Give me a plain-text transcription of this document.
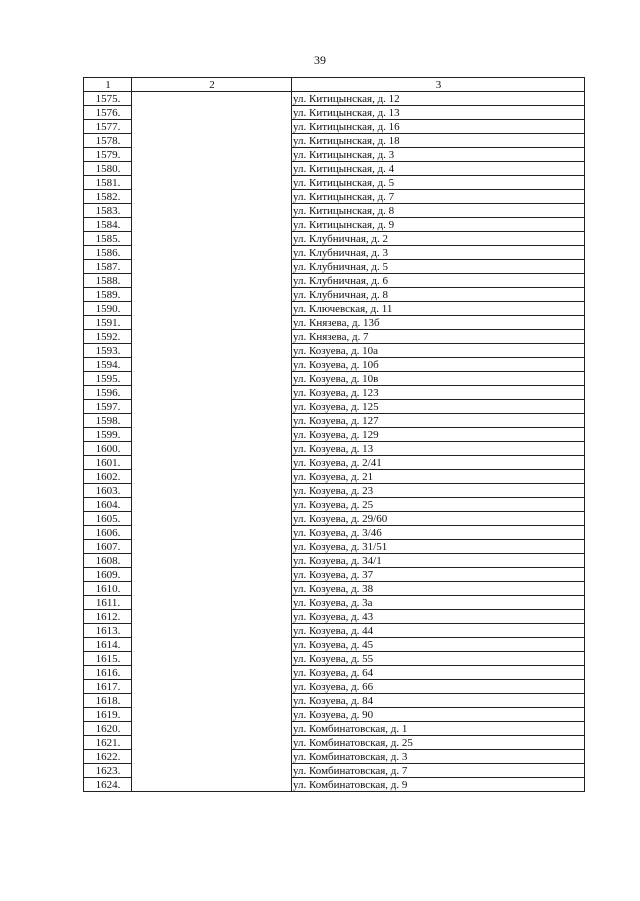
39
1	2	3
1575.		ул. Китицынская, д. 12
1576.		ул. Китицынская, д. 13
1577.		ул. Китицынская, д. 16
1578.		ул. Китицынская, д. 18
1579.		ул. Китицынская, д. 3
1580.		ул. Китицынская, д. 4
1581.		ул. Китицынская, д. 5
1582.		ул. Китицынская, д. 7
1583.		ул. Китицынская, д. 8
1584.		ул. Китицынская, д. 9
1585.		ул. Клубничная, д. 2
1586.		ул. Клубничная, д. 3
1587.		ул. Клубничная, д. 5
1588.		ул. Клубничная, д. 6
1589.		ул. Клубничная, д. 8
1590.		ул. Ключевская, д. 11
1591.		ул. Князева, д. 13б
1592.		ул. Князева, д. 7
1593.		ул. Козуева, д. 10а
1594.		ул. Козуева, д. 10б
1595.		ул. Козуева, д. 10в
1596.		ул. Козуева, д. 123
1597.		ул. Козуева, д. 125
1598.		ул. Козуева, д. 127
1599.		ул. Козуева, д. 129
1600.		ул. Козуева, д. 13
1601.		ул. Козуева, д. 2/41
1602.		ул. Козуева, д. 21
1603.		ул. Козуева, д. 23
1604.		ул. Козуева, д. 25
1605.		ул. Козуева, д. 29/60
1606.		ул. Козуева, д. 3/46
1607.		ул. Козуева, д. 31/51
1608.		ул. Козуева, д. 34/1
1609.		ул. Козуева, д. 37
1610.		ул. Козуева, д. 38
1611.		ул. Козуева, д. 3а
1612.		ул. Козуева, д. 43
1613.		ул. Козуева, д. 44
1614.		ул. Козуева, д. 45
1615.		ул. Козуева, д. 55
1616.		ул. Козуева, д. 64
1617.		ул. Козуева, д. 66
1618.		ул. Козуева, д. 84
1619.		ул. Козуева, д. 90
1620.		ул. Комбинатовская, д. 1
1621.		ул. Комбинатовская, д. 25
1622.		ул. Комбинатовская, д. 3
1623.		ул. Комбинатовская, д. 7
1624.		ул. Комбинатовская, д. 9
